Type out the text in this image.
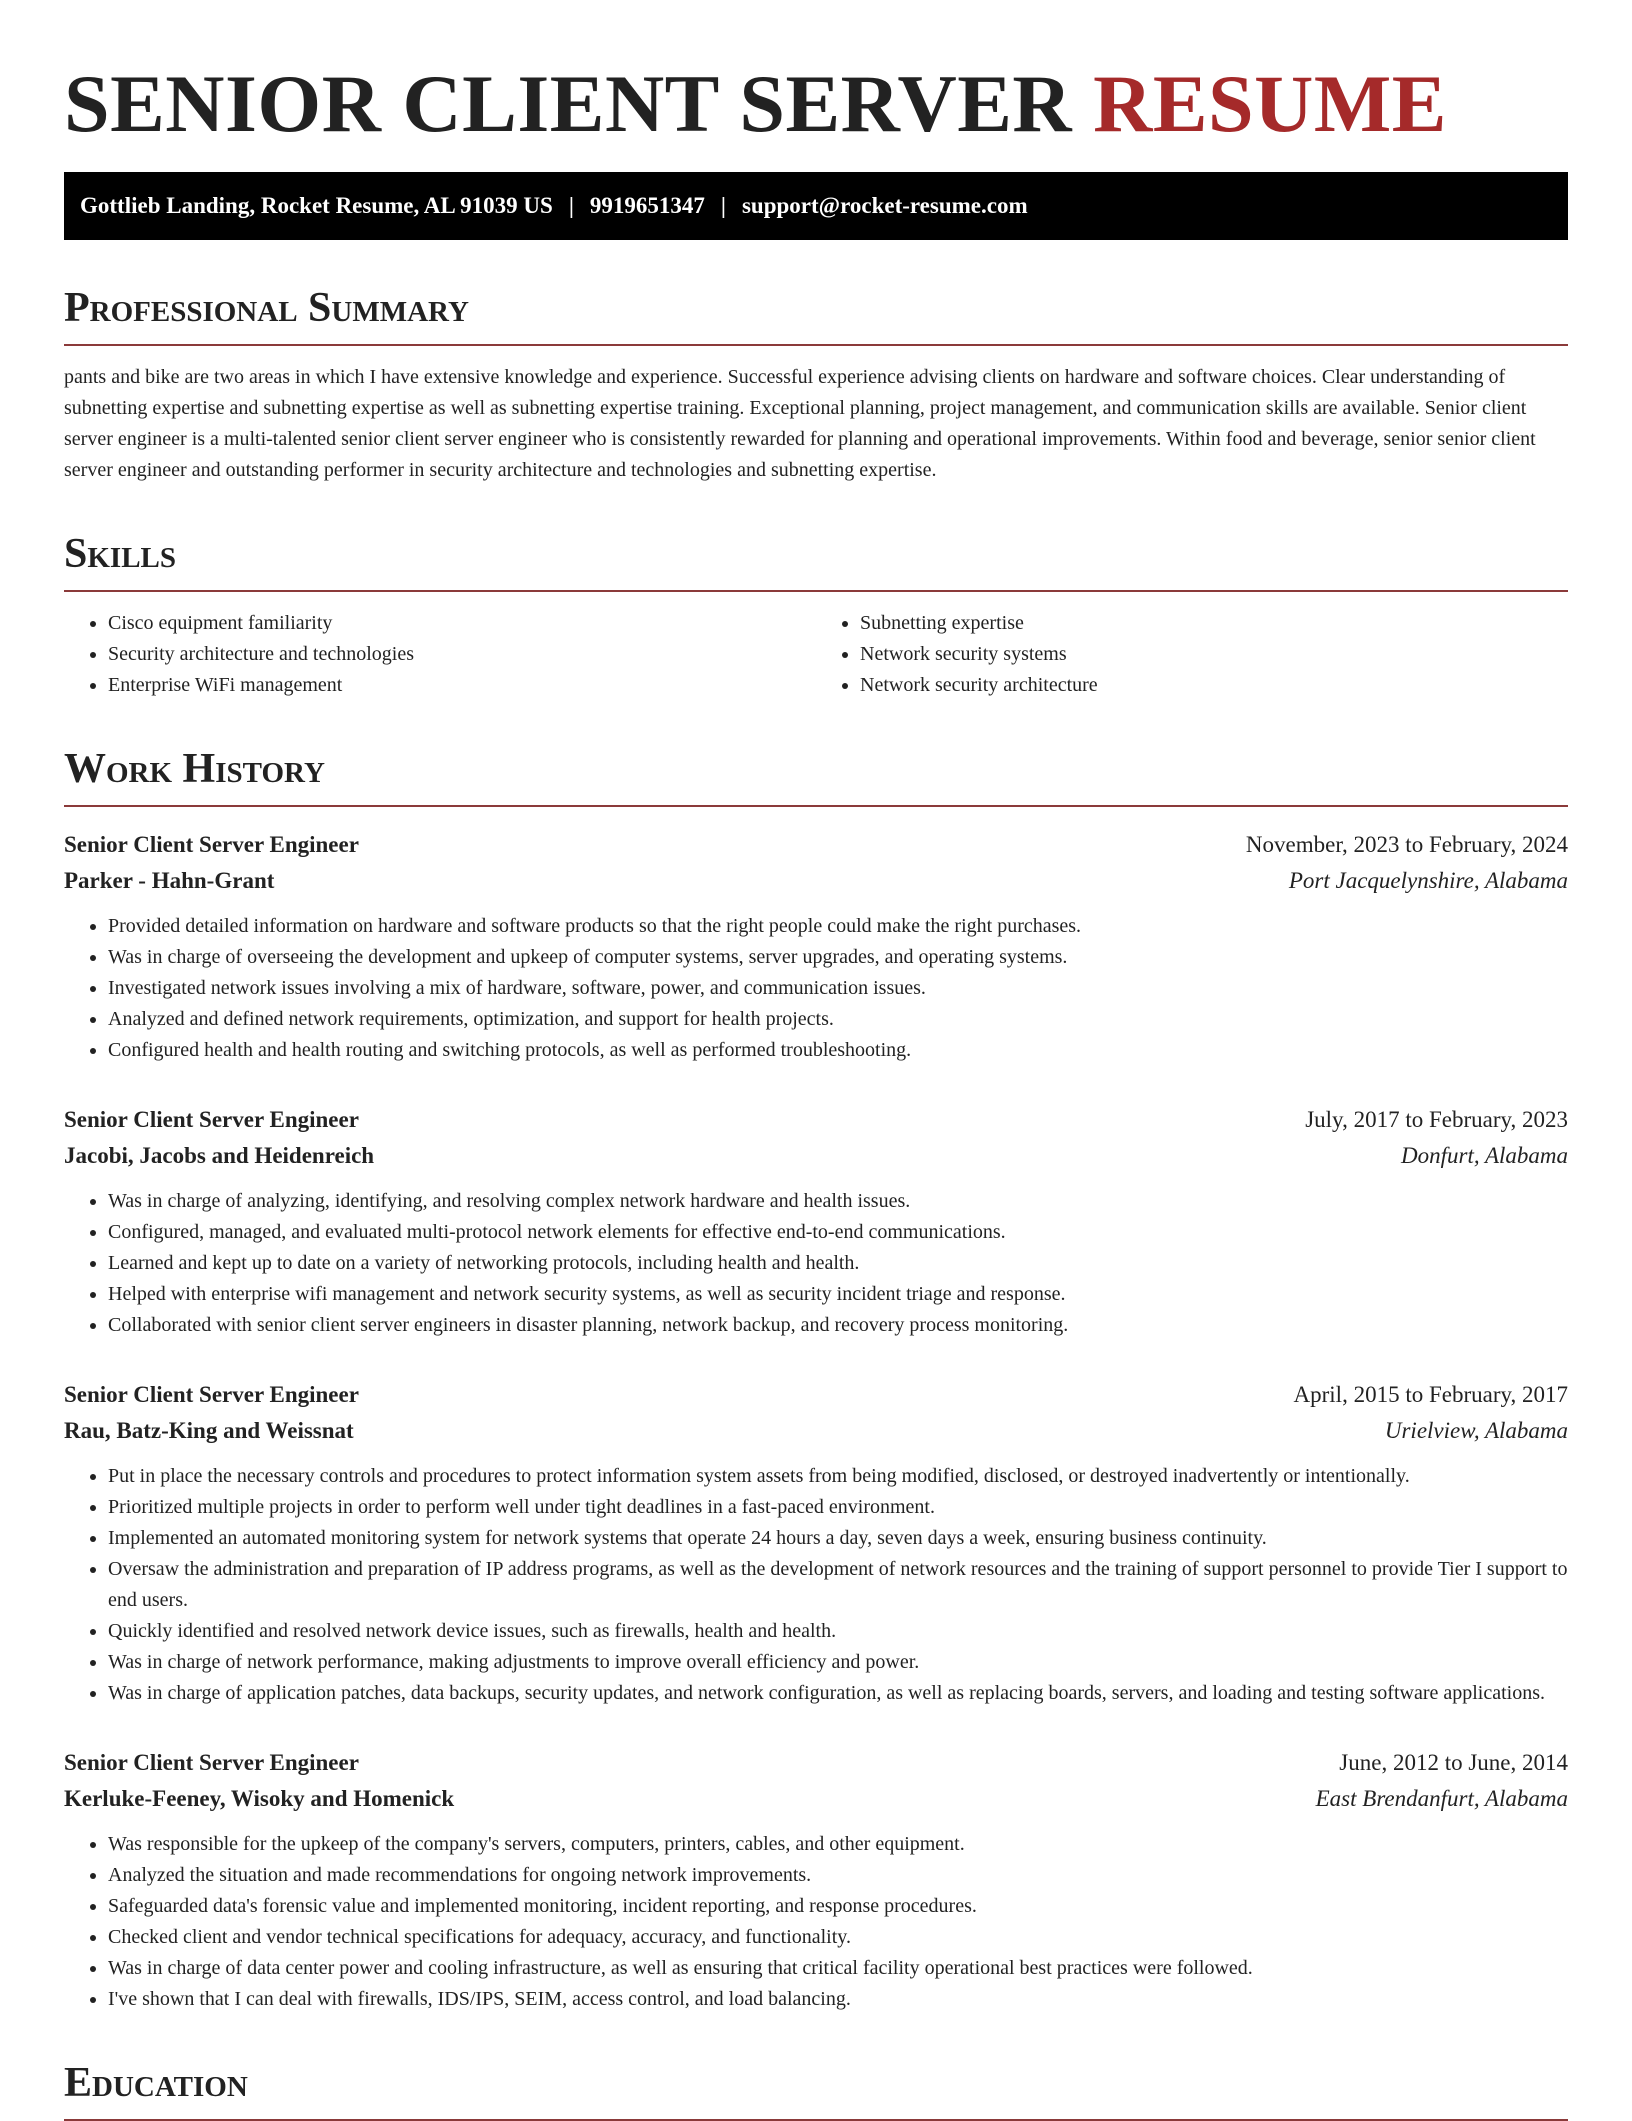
SENIOR CLIENT SERVER RESUME
Gottlieb Landing, Rocket Resume, AL 91039 US | 9919651347 | support@rocket-resume.com
Professional Summary

pants and bike are two areas in which I have extensive knowledge and experience. Successful experience advising clients on hardware and software choices. Clear understanding of subnetting expertise and subnetting expertise as well as subnetting expertise training. Exceptional planning, project management, and communication skills are available. Senior client server engineer is a multi-talented senior client server engineer who is consistently rewarded for planning and operational improvements. Within food and beverage, senior senior client server engineer and outstanding performer in security architecture and technologies and subnetting expertise.

Skills
• Cisco equipment familiarity
• Security architecture and technologies
• Enterprise WiFi management
• Subnetting expertise
• Network security systems
• Network security architecture
Work History
Senior Client Server Engineer	November, 2023 to February, 2024
Parker - Hahn-Grant	Port Jacquelynshire, Alabama
• Provided detailed information on hardware and software products so that the right people could make the right purchases.
• Was in charge of overseeing the development and upkeep of computer systems, server upgrades, and operating systems.
• Investigated network issues involving a mix of hardware, software, power, and communication issues.
• Analyzed and defined network requirements, optimization, and support for health projects.
• Configured health and health routing and switching protocols, as well as performed troubleshooting.
Senior Client Server Engineer	July, 2017 to February, 2023
Jacobi, Jacobs and Heidenreich	Donfurt, Alabama
• Was in charge of analyzing, identifying, and resolving complex network hardware and health issues.
• Configured, managed, and evaluated multi-protocol network elements for effective end-to-end communications.
• Learned and kept up to date on a variety of networking protocols, including health and health.
• Helped with enterprise wifi management and network security systems, as well as security incident triage and response.
• Collaborated with senior client server engineers in disaster planning, network backup, and recovery process monitoring.
Senior Client Server Engineer	April, 2015 to February, 2017
Rau, Batz-King and Weissnat	Urielview, Alabama
• Put in place the necessary controls and procedures to protect information system assets from being modified, disclosed, or destroyed inadvertently or intentionally.
• Prioritized multiple projects in order to perform well under tight deadlines in a fast-paced environment.
• Implemented an automated monitoring system for network systems that operate 24 hours a day, seven days a week, ensuring business continuity.
• Oversaw the administration and preparation of IP address programs, as well as the development of network resources and the training of support personnel to provide Tier I support to end users.
• Quickly identified and resolved network device issues, such as firewalls, health and health.
• Was in charge of network performance, making adjustments to improve overall efficiency and power.
• Was in charge of application patches, data backups, security updates, and network configuration, as well as replacing boards, servers, and loading and testing software applications.
Senior Client Server Engineer	June, 2012 to June, 2014
Kerluke-Feeney, Wisoky and Homenick	East Brendanfurt, Alabama
• Was responsible for the upkeep of the company's servers, computers, printers, cables, and other equipment.
• Analyzed the situation and made recommendations for ongoing network improvements.
• Safeguarded data's forensic value and implemented monitoring, incident reporting, and response procedures.
• Checked client and vendor technical specifications for adequacy, accuracy, and functionality.
• Was in charge of data center power and cooling infrastructure, as well as ensuring that critical facility operational best practices were followed.
• I've shown that I can deal with firewalls, IDS/IPS, SEIM, access control, and load balancing.
Education
